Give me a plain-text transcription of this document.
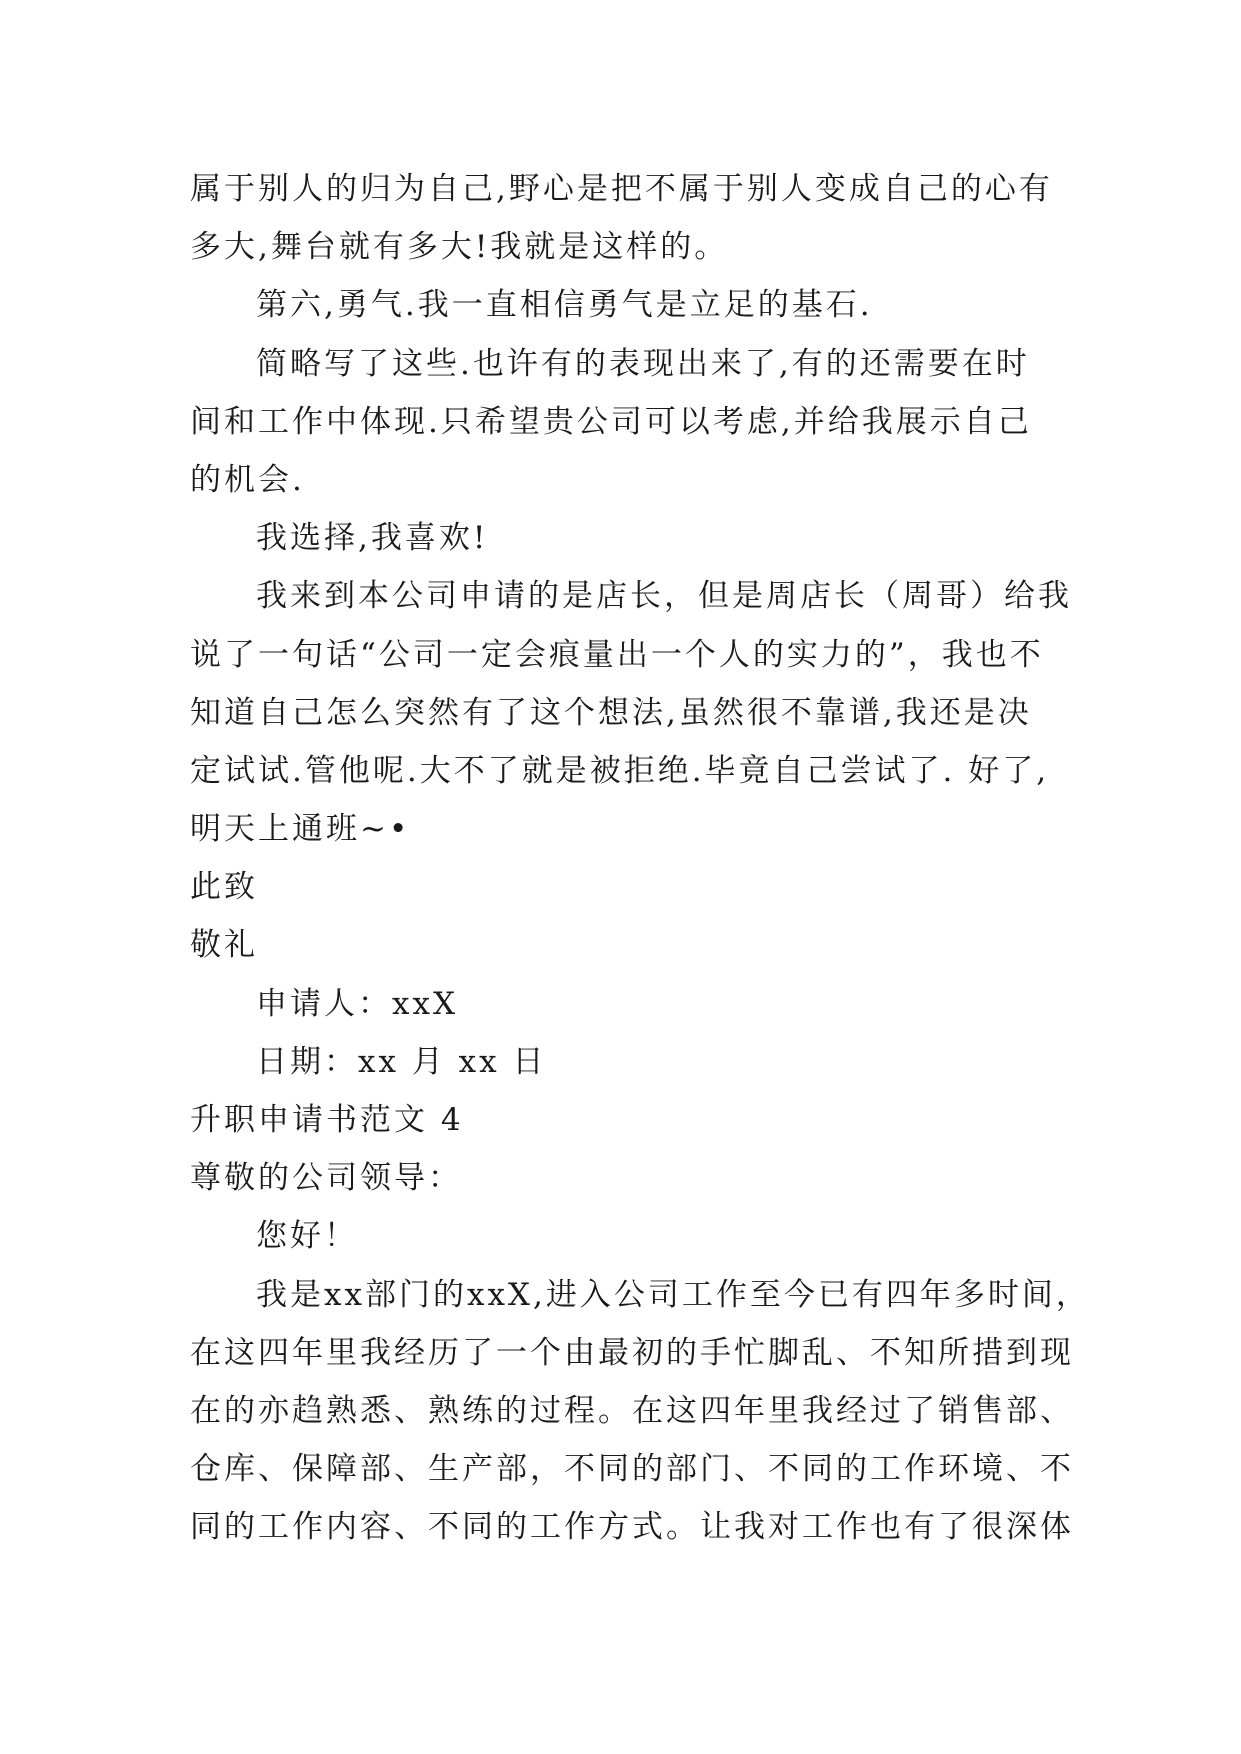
属于别人的归为自己,野心是把不属于别人变成自己的心有
多大,舞台就有多大!我就是这样的。
第六,勇气.我一直相信勇气是立足的基石.
简略写了这些.也许有的表现出来了,有的还需要在时
间和工作中体现.只希望贵公司可以考虑,并给我展示自己
的机会.
我选择,我喜欢!
我来到本公司申请的是店长，但是周店长（周哥）给我
说了一句话“公司一定会痕量出一个人的实力的”，我也不
知道自己怎么突然有了这个想法,虽然很不靠谱,我还是决
定试试.管他呢.大不了就是被拒绝.毕竟自己尝试了. 好了,
明天上通班~•
此致
敬礼
申请人：xxX
日期：xx 月 xx 日
升职申请书范文 4
尊敬的公司领导：
您好！
我是xx部门的xxX,进入公司工作至今已有四年多时间，
在这四年里我经历了一个由最初的手忙脚乱、不知所措到现
在的亦趋熟悉、熟练的过程。在这四年里我经过了销售部、
仓库、保障部、生产部，不同的部门、不同的工作环境、不
同的工作内容、不同的工作方式。让我对工作也有了很深体
